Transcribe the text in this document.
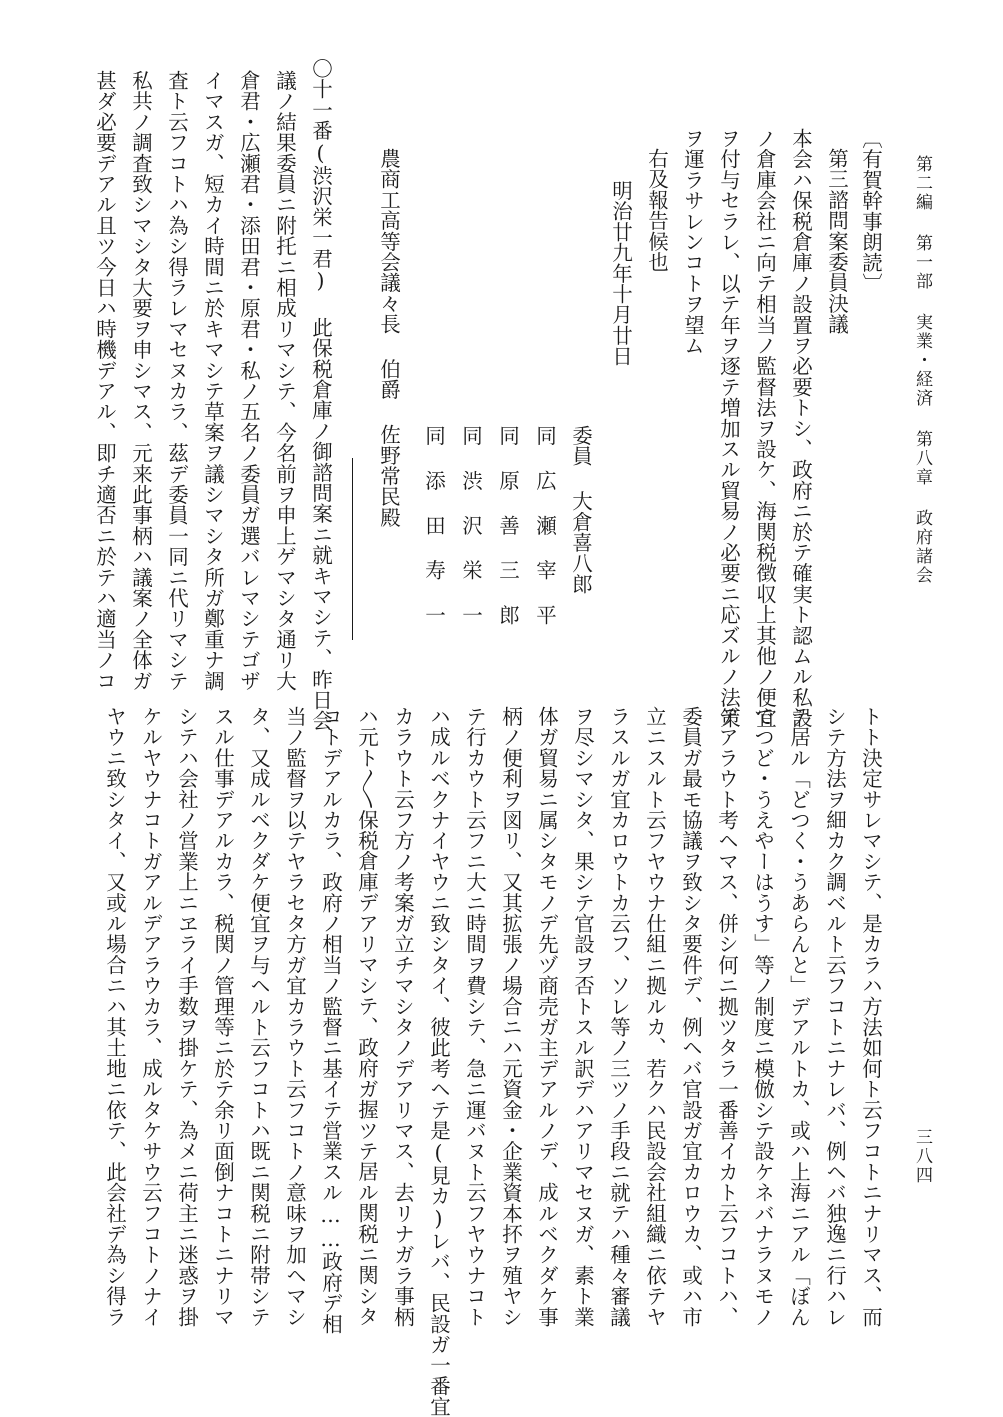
第二編 第一部 実業・経済 第八章 政府諸会

三八四

〔有賀幹事朗読〕

第三諮問案委員決議

本会ハ保税倉庫ノ設置ヲ必要トシ、政府ニ於テ確実ト認ムル私設

ノ倉庫会社ニ向テ相当ノ監督法ヲ設ケ、海関税徴収上其他ノ便宜

ヲ付与セラレ、以テ年ヲ逐テ増加スル貿易ノ必要ニ応ズルノ法策

ヲ運ラサレンコトヲ望ム

右及報告候也

明治廿九年十月廿日

委員 大倉喜八郎

同 広 瀬 宰 平

同 原 善 三 郎

同 渋 沢 栄 一

同 添 田 寿 一

農商工高等会議々長 伯爵 佐野常民殿

〇十一番(渋沢栄一君) 此保税倉庫ノ御諮問案ニ就キマシテ、昨日会

議ノ結果委員ニ附托ニ相成リマシテ、今名前ヲ申上ゲマシタ通リ大

倉君・広瀬君・添田君・原君・私ノ五名ノ委員ガ選バレマシテゴザ

イマスガ、短カイ時間ニ於キマシテ草案ヲ議シマシタ所ガ鄭重ナ調

査ト云フコトハ為シ得ラレマセヌカラ、茲デ委員一同ニ代リマシテ

私共ノ調査致シマシタ大要ヲ申シマス、元来此事柄ハ議案ノ全体ガ

甚ダ必要デアル且ツ今日ハ時機デアル、即チ適否ニ於テハ適当ノコ

トト決定サレマシテ、是カラハ方法如何ト云フコトニナリマス、而

シテ方法ヲ細カク調ベルト云フコトニナレバ、例ヘバ独逸ニ行ハレ

テ居ル「どつく・うあらんと」デアルトカ、或ハ上海ニアル「ぼん

でつど・うえやーはうす」等ノ制度ニ模倣シテ設ケネバナラヌモノ

デアラウト考ヘマス、併シ何ニ拠ツタラ一番善イカト云フコトハ、

委員ガ最モ協議ヲ致シタ要件デ、例ヘバ官設ガ宜カロウカ、或ハ市

立ニスルト云フヤウナ仕組ニ拠ルカ、若クハ民設会社組織ニ依テヤ

ラスルガ宜カロウトカ云フ、ソレ等ノ三ツノ手段ニ就テハ種々審議

ヲ尽シマシタ、果シテ官設ヲ否トスル訳デハアリマセヌガ、素ト業

体ガ貿易ニ属シタモノデ先ヅ商売ガ主デアルノデ、成ルベクダケ事

柄ノ便利ヲ図リ、又其拡張ノ場合ニハ元資金・企業資本抔ヲ殖ヤシ

テ行カウト云フニ大ニ時間ヲ費シテ、急ニ運バヌト云フヤウナコト

ハ成ルベクナイヤウニ致シタイ、彼此考ヘテ是(見カ)レバ、民設ガ一番宜

カラウト云フ方ノ考案ガ立チマシタノデアリマス、去リナガラ事柄

ハ元ト〳〵保税倉庫デアリマシテ、政府ガ握ツテ居ル関税ニ関シタ

コトデアルカラ、政府ノ相当ノ監督ニ基イテ営業スル……政府デ相

当ノ監督ヲ以テヤラセタ方ガ宜カラウト云フコトノ意味ヲ加ヘマシ

タ、又成ルベクダケ便宜ヲ与ヘルト云フコトハ既ニ関税ニ附帯シテ

スル仕事デアルカラ、税関ノ管理等ニ於テ余リ面倒ナコトニナリマ

シテハ会社ノ営業上ニヱライ手数ヲ掛ケテ、為メニ荷主ニ迷惑ヲ掛

ケルヤウナコトガアルデアラウカラ、成ルタケサウ云フコトノナイ

ヤウニ致シタイ、又或ル場合ニハ其土地ニ依テ、此会社デ為シ得ラ
